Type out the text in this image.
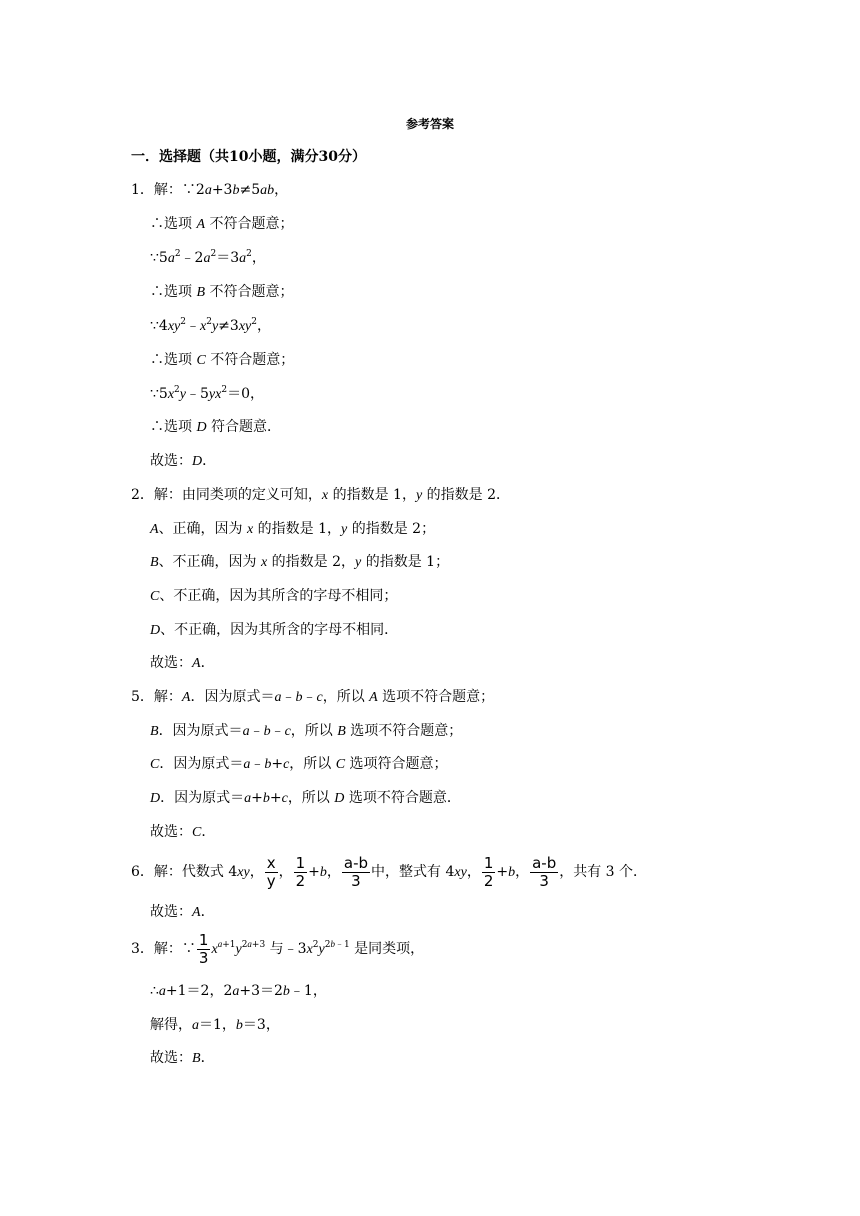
参考答案
一．选择题（共10小题，满分30分）
1．解：∵2a+3b≠5ab，
∴选项 A 不符合题意；
$\because 5a^2﹣2a^2=3a^2$，
∴选项 B 不符合题意；
$\because 4xy^2﹣x^2y\ne 3xy^2$，
∴选项 C 不符合题意；
$\because 5x^2y﹣5yx^2=0$，
∴选项 D 符合题意．
故选：D．
2．解：由同类项的定义可知，x 的指数是 1，y 的指数是 2．
A、正确，因为 x 的指数是 1，y 的指数是 2；
B、不正确，因为 x 的指数是 2，y 的指数是 1；
C、不正确，因为其所含的字母不相同；
D、不正确，因为其所含的字母不相同．
故选：A．
5．解：A．因为原式＝a﹣b﹣c，所以 A 选项不符合题意；
B．因为原式＝a﹣b﹣c，所以 B 选项不符合题意；
C．因为原式＝a﹣b+c，所以 C 选项符合题意；
D．因为原式＝a+b+c，所以 D 选项不符合题意．
故选：C．
6．解：代数式 4xy， $\frac{x}{y}$ ， $\frac{1}{2} +b$， $\frac{a-b}{3}$ 中，整式有 4xy， $\frac{1}{2} +b$， $\frac{a-b}{3}$ ，共有 3 个．
故选：A．
3．解：∵ $\frac{1}{3} x^{a+1}y^{2a+3}$ 与$﹣3x^2y^{2b﹣1}$ 是同类项，
∴a+1＝2，2a+3＝2b﹣1，
解得，a＝1，b＝3，
故选：B．
